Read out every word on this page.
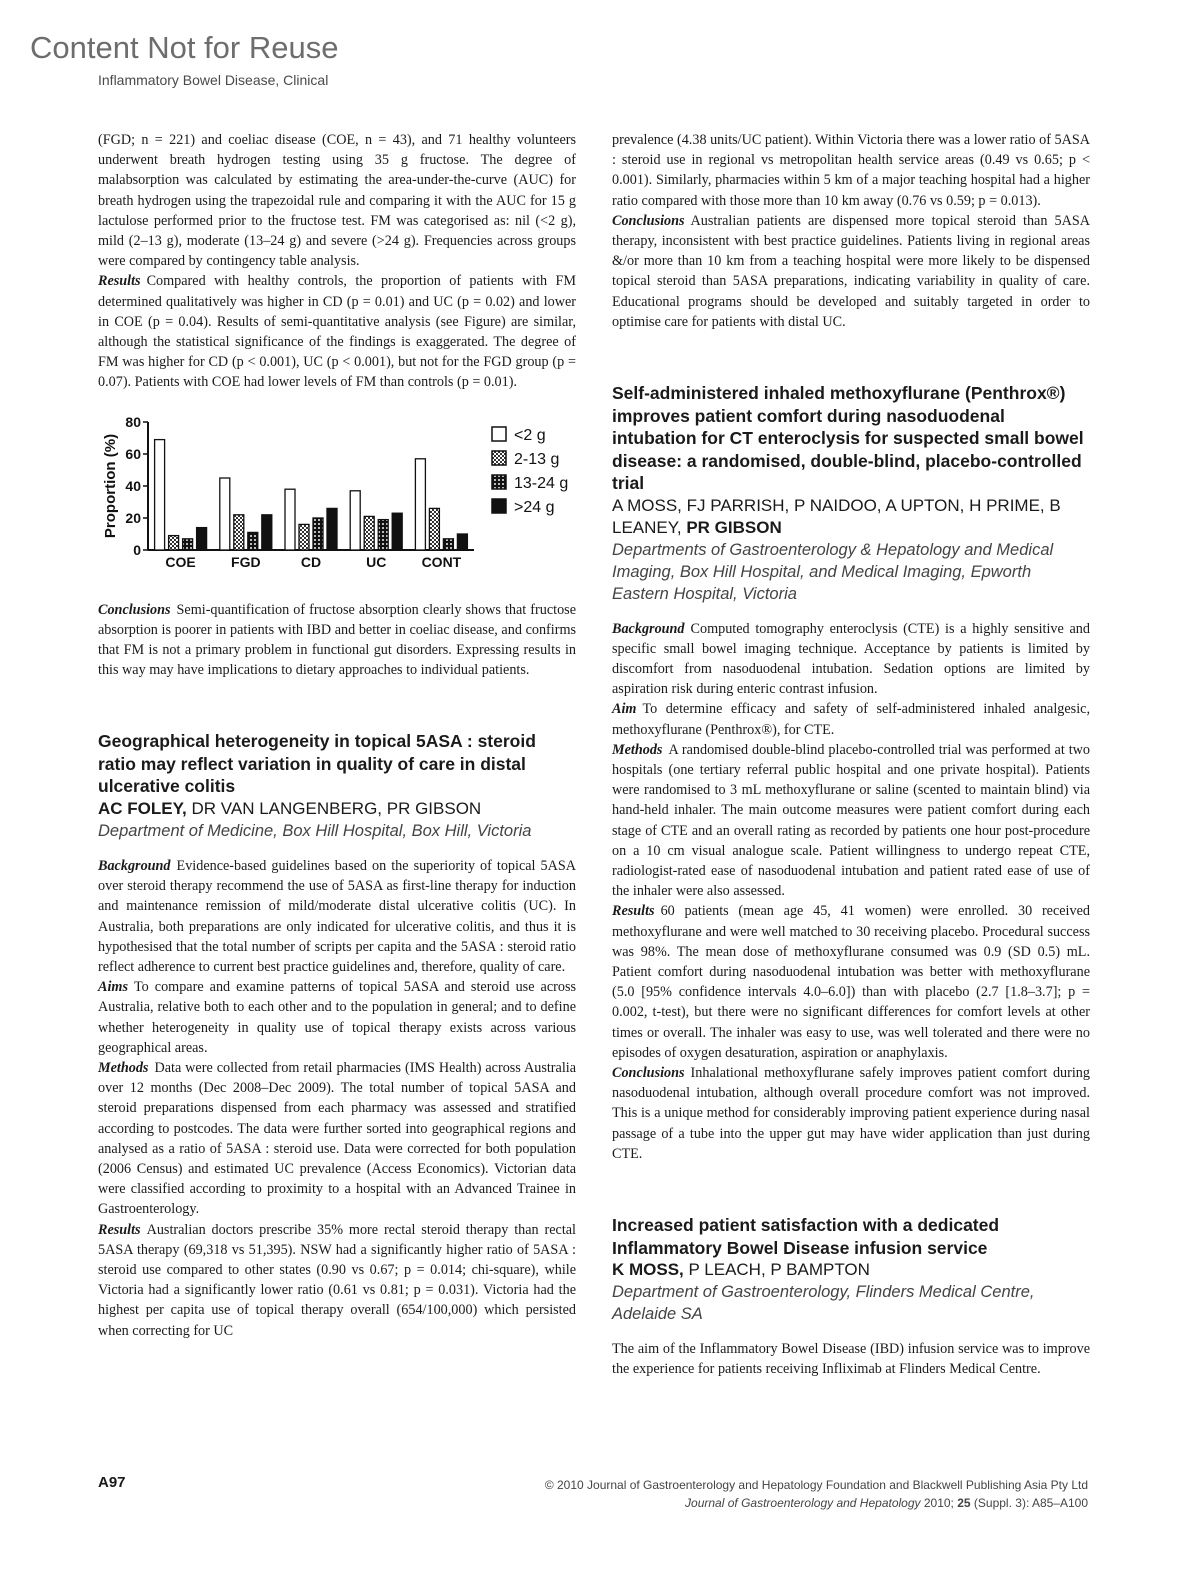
Content Not for Reuse
Inflammatory Bowel Disease, Clinical

(FGD; n = 221) and coeliac disease (COE, n = 43), and 71 healthy volunteers underwent breath hydrogen testing using 35 g fructose. The degree of malabsorption was calculated by estimating the area-under-the-curve (AUC) for breath hydrogen using the trapezoidal rule and comparing it with the AUC for 15 g lactulose performed prior to the fructose test. FM was categorised as: nil (<2 g), mild (2–13 g), moderate (13–24 g) and severe (>24 g). Frequencies across groups were compared by contingency table analysis.

Results Compared with healthy controls, the proportion of patients with FM determined qualitatively was higher in CD (p = 0.01) and UC (p = 0.02) and lower in COE (p = 0.04). Results of semi-quantitative analysis (see Figure) are similar, although the statistical significance of the findings is exaggerated. The degree of FM was higher for CD (p < 0.001), UC (p < 0.001), but not for the FGD group (p = 0.07). Patients with COE had lower levels of FM than controls (p = 0.01).

0
20
40
60
80
Proportion (%)
COE	FGD	CD	UC	CONT
<2 g
2-13 g
13-24 g
>24 g

Conclusions Semi-quantification of fructose absorption clearly shows that fructose absorption is poorer in patients with IBD and better in coeliac disease, and confirms that FM is not a primary problem in functional gut disorders. Expressing results in this way may have implications to dietary approaches to individual patients.

Geographical heterogeneity in topical 5ASA : steroid ratio may reflect variation in quality of care in distal ulcerative colitis
AC FOLEY, DR VAN LANGENBERG, PR GIBSON
Department of Medicine, Box Hill Hospital, Box Hill, Victoria

Background Evidence-based guidelines based on the superiority of topical 5ASA over steroid therapy recommend the use of 5ASA as first-line therapy for induction and maintenance remission of mild/moderate distal ulcerative colitis (UC). In Australia, both preparations are only indicated for ulcerative colitis, and thus it is hypothesised that the total number of scripts per capita and the 5ASA : steroid ratio reflect adherence to current best practice guidelines and, therefore, quality of care.

Aims To compare and examine patterns of topical 5ASA and steroid use across Australia, relative both to each other and to the population in general; and to define whether heterogeneity in quality use of topical therapy exists across various geographical areas.

Methods Data were collected from retail pharmacies (IMS Health) across Australia over 12 months (Dec 2008–Dec 2009). The total number of topical 5ASA and steroid preparations dispensed from each pharmacy was assessed and stratified according to postcodes. The data were further sorted into geographical regions and analysed as a ratio of 5ASA : steroid use. Data were corrected for both population (2006 Census) and estimated UC prevalence (Access Economics). Victorian data were classified according to proximity to a hospital with an Advanced Trainee in Gastroenterology.

Results Australian doctors prescribe 35% more rectal steroid therapy than rectal 5ASA therapy (69,318 vs 51,395). NSW had a significantly higher ratio of 5ASA : steroid use compared to other states (0.90 vs 0.67; p = 0.014; chi-square), while Victoria had a significantly lower ratio (0.61 vs 0.81; p = 0.031). Victoria had the highest per capita use of topical therapy overall (654/100,000) which persisted when correcting for UC

prevalence (4.38 units/UC patient). Within Victoria there was a lower ratio of 5ASA : steroid use in regional vs metropolitan health service areas (0.49 vs 0.65; p < 0.001). Similarly, pharmacies within 5 km of a major teaching hospital had a higher ratio compared with those more than 10 km away (0.76 vs 0.59; p = 0.013).

Conclusions Australian patients are dispensed more topical steroid than 5ASA therapy, inconsistent with best practice guidelines. Patients living in regional areas &/or more than 10 km from a teaching hospital were more likely to be dispensed topical steroid than 5ASA preparations, indicating variability in quality of care. Educational programs should be developed and suitably targeted in order to optimise care for patients with distal UC.

Self-administered inhaled methoxyflurane (Penthrox®) improves patient comfort during nasoduodenal intubation for CT enteroclysis for suspected small bowel disease: a randomised, double-blind, placebo-controlled trial
A MOSS, FJ PARRISH, P NAIDOO, A UPTON, H PRIME, B LEANEY, PR GIBSON
Departments of Gastroenterology & Hepatology and Medical Imaging, Box Hill Hospital, and Medical Imaging, Epworth Eastern Hospital, Victoria

Background Computed tomography enteroclysis (CTE) is a highly sensitive and specific small bowel imaging technique. Acceptance by patients is limited by discomfort from nasoduodenal intubation. Sedation options are limited by aspiration risk during enteric contrast infusion.

Aim To determine efficacy and safety of self-administered inhaled analgesic, methoxyflurane (Penthrox®), for CTE.

Methods A randomised double-blind placebo-controlled trial was performed at two hospitals (one tertiary referral public hospital and one private hospital). Patients were randomised to 3 mL methoxyflurane or saline (scented to maintain blind) via hand-held inhaler. The main outcome measures were patient comfort during each stage of CTE and an overall rating as recorded by patients one hour post-procedure on a 10 cm visual analogue scale. Patient willingness to undergo repeat CTE, radiologist-rated ease of nasoduodenal intubation and patient rated ease of use of the inhaler were also assessed.

Results 60 patients (mean age 45, 41 women) were enrolled. 30 received methoxyflurane and were well matched to 30 receiving placebo. Procedural success was 98%. The mean dose of methoxyflurane consumed was 0.9 (SD 0.5) mL. Patient comfort during nasoduodenal intubation was better with methoxyflurane (5.0 [95% confidence intervals 4.0–6.0]) than with placebo (2.7 [1.8–3.7]; p = 0.002, t-test), but there were no significant differences for comfort levels at other times or overall. The inhaler was easy to use, was well tolerated and there were no episodes of oxygen desaturation, aspiration or anaphylaxis.

Conclusions Inhalational methoxyflurane safely improves patient comfort during nasoduodenal intubation, although overall procedure comfort was not improved. This is a unique method for considerably improving patient experience during nasal passage of a tube into the upper gut may have wider application than just during CTE.

Increased patient satisfaction with a dedicated Inflammatory Bowel Disease infusion service
K MOSS, P LEACH, P BAMPTON
Department of Gastroenterology, Flinders Medical Centre, Adelaide SA

The aim of the Inflammatory Bowel Disease (IBD) infusion service was to improve the experience for patients receiving Infliximab at Flinders Medical Centre.

A97	© 2010 Journal of Gastroenterology and Hepatology Foundation and Blackwell Publishing Asia Pty Ltd
Journal of Gastroenterology and Hepatology 2010; 25 (Suppl. 3): A85–A100
